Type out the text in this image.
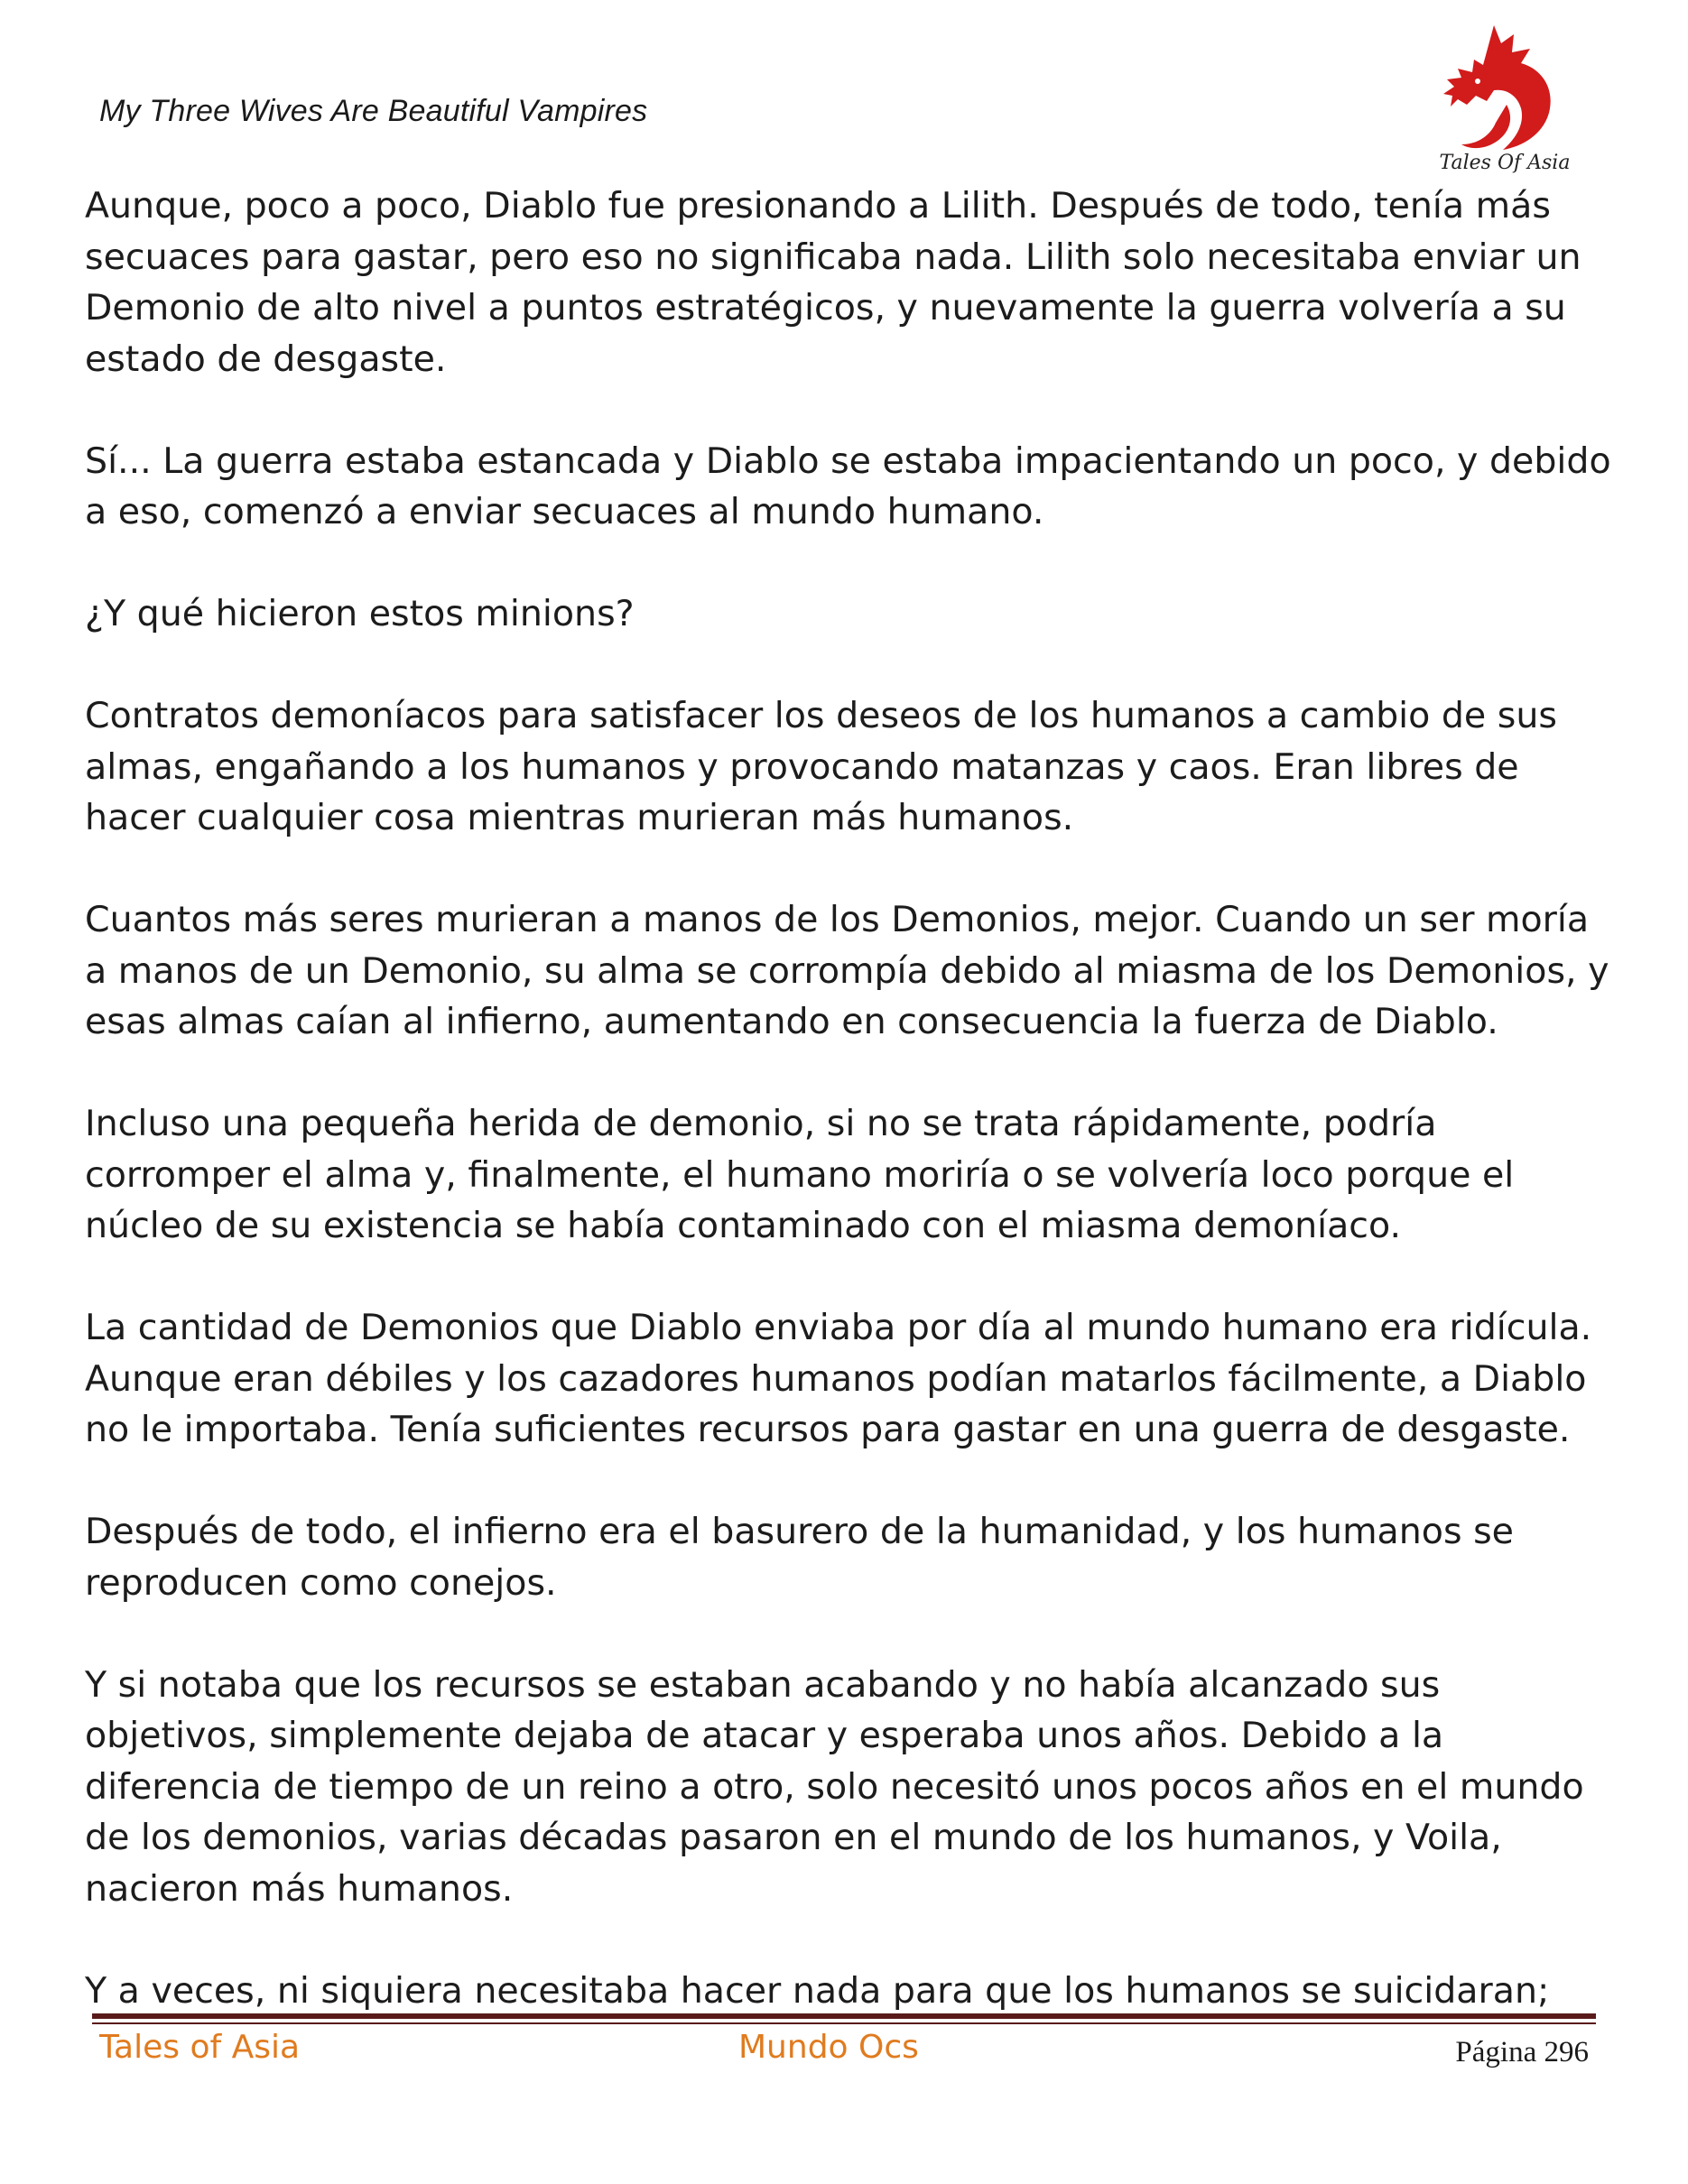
My Three Wives Are Beautiful Vampires
Tales Of Asia

Aunque, poco a poco, Diablo fue presionando a Lilith. Después de todo, tenía más secuaces para gastar, pero eso no significaba nada. Lilith solo necesitaba enviar un Demonio de alto nivel a puntos estratégicos, y nuevamente la guerra volvería a su estado de desgaste.

Sí... La guerra estaba estancada y Diablo se estaba impacientando un poco, y debido a eso, comenzó a enviar secuaces al mundo humano.

¿Y qué hicieron estos minions?

Contratos demoníacos para satisfacer los deseos de los humanos a cambio de sus almas, engañando a los humanos y provocando matanzas y caos. Eran libres de hacer cualquier cosa mientras murieran más humanos.

Cuantos más seres murieran a manos de los Demonios, mejor. Cuando un ser moría a manos de un Demonio, su alma se corrompía debido al miasma de los Demonios, y esas almas caían al infierno, aumentando en consecuencia la fuerza de Diablo.

Incluso una pequeña herida de demonio, si no se trata rápidamente, podría corromper el alma y, finalmente, el humano moriría o se volvería loco porque el núcleo de su existencia se había contaminado con el miasma demoníaco.

La cantidad de Demonios que Diablo enviaba por día al mundo humano era ridícula. Aunque eran débiles y los cazadores humanos podían matarlos fácilmente, a Diablo no le importaba. Tenía suficientes recursos para gastar en una guerra de desgaste.

Después de todo, el infierno era el basurero de la humanidad, y los humanos se reproducen como conejos.

Y si notaba que los recursos se estaban acabando y no había alcanzado sus objetivos, simplemente dejaba de atacar y esperaba unos años. Debido a la diferencia de tiempo de un reino a otro, solo necesitó unos pocos años en el mundo de los demonios, varias décadas pasaron en el mundo de los humanos, y Voila, nacieron más humanos.

Y a veces, ni siquiera necesitaba hacer nada para que los humanos se suicidaran;

Tales of Asia	Mundo Ocs	Página 296
